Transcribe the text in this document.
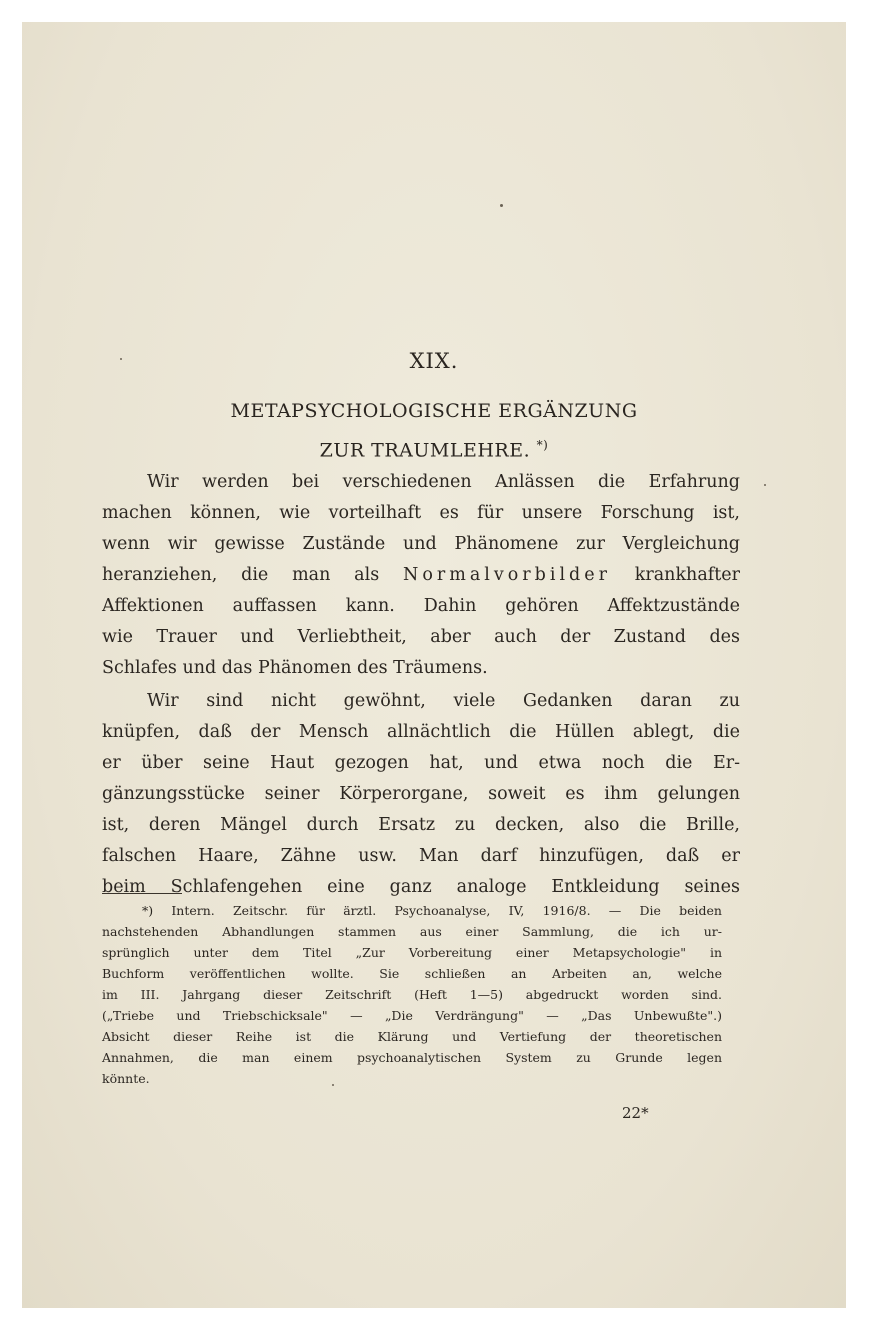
XIX.
METAPSYCHOLOGISCHE ERGÄNZUNG
ZUR TRAUMLEHRE. *)
Wir werden bei verschiedenen Anlässen die Erfahrung
machen können, wie vorteilhaft es für unsere Forschung ist,
wenn wir gewisse Zustände und Phänomene zur Vergleichung
heranziehen, die man als Normalvorbilder krankhafter
Affektionen auffassen kann. Dahin gehören Affektzustände
wie Trauer und Verliebtheit, aber auch der Zustand des
Schlafes und das Phänomen des Träumens.
Wir sind nicht gewöhnt, viele Gedanken daran zu
knüpfen, daß der Mensch allnächtlich die Hüllen ablegt, die
er über seine Haut gezogen hat, und etwa noch die Er-
gänzungsstücke seiner Körperorgane, soweit es ihm gelungen
ist, deren Mängel durch Ersatz zu decken, also die Brille,
falschen Haare, Zähne usw. Man darf hinzufügen, daß er
beim Schlafengehen eine ganz analoge Entkleidung seines
*) Intern. Zeitschr. für ärztl. Psychoanalyse, IV, 1916/8. — Die beiden
nachstehenden Abhandlungen stammen aus einer Sammlung, die ich ur-
sprünglich unter dem Titel „Zur Vorbereitung einer Metapsychologie" in
Buchform veröffentlichen wollte. Sie schließen an Arbeiten an, welche
im III. Jahrgang dieser Zeitschrift (Heft 1—5) abgedruckt worden sind.
(„Triebe und Triebschicksale" — „Die Verdrängung" — „Das Unbewußte".)
Absicht dieser Reihe ist die Klärung und Vertiefung der theoretischen
Annahmen, die man einem psychoanalytischen System zu Grunde legen
könnte.
22*
